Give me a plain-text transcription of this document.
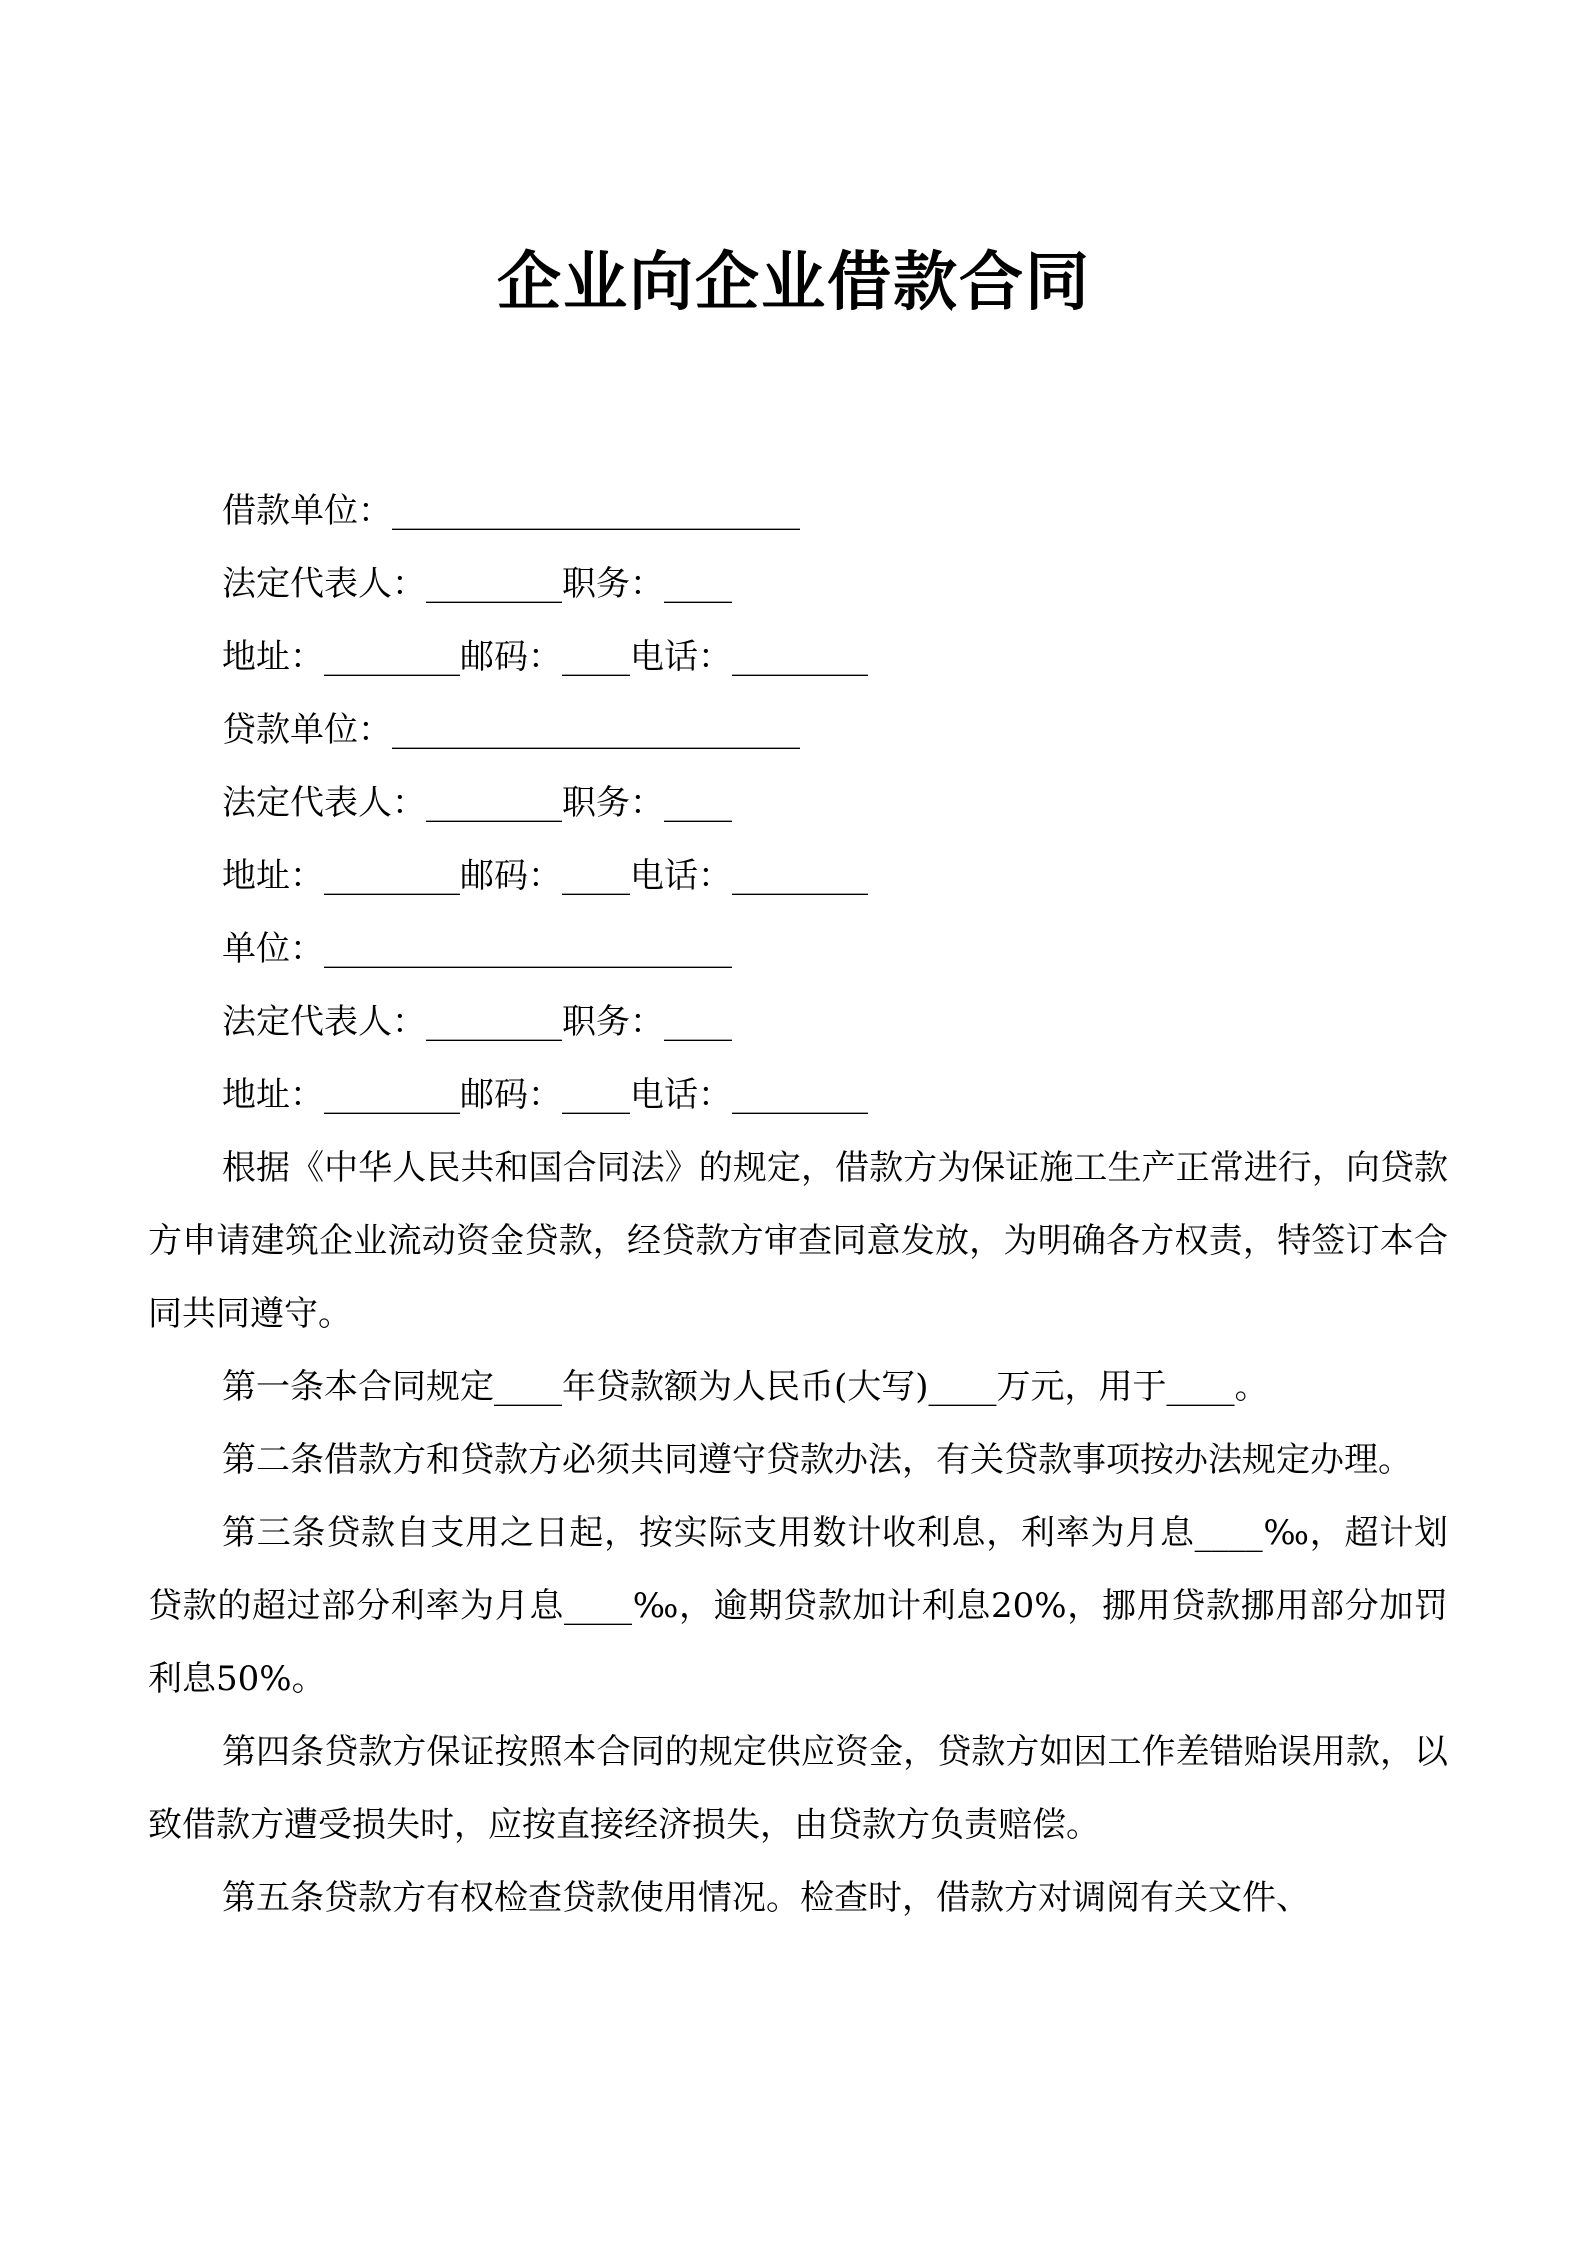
企业向企业借款合同
借款单位：________________________
法定代表人：________职务：____
地址：________邮码：____电话：________
贷款单位：________________________
法定代表人：________职务：____
地址：________邮码：____电话：________
单位：________________________
法定代表人：________职务：____
地址：________邮码：____电话：________

根据《中华人民共和国合同法》的规定，借款方为保证施工生产正常进行，向贷款方申请建筑企业流动资金贷款，经贷款方审查同意发放，为明确各方权责，特签订本合同共同遵守。

第一条本合同规定____年贷款额为人民币(大写)____万元，用于____。

第二条借款方和贷款方必须共同遵守贷款办法，有关贷款事项按办法规定办理。

第三条贷款自支用之日起，按实际支用数计收利息，利率为月息____‰，超计划贷款的超过部分利率为月息____‰，逾期贷款加计利息20%，挪用贷款挪用部分加罚利息50%。

第四条贷款方保证按照本合同的规定供应资金，贷款方如因工作差错贻误用款，以致借款方遭受损失时，应按直接经济损失，由贷款方负责赔偿。

第五条贷款方有权检查贷款使用情况。检查时，借款方对调阅有关文件、
